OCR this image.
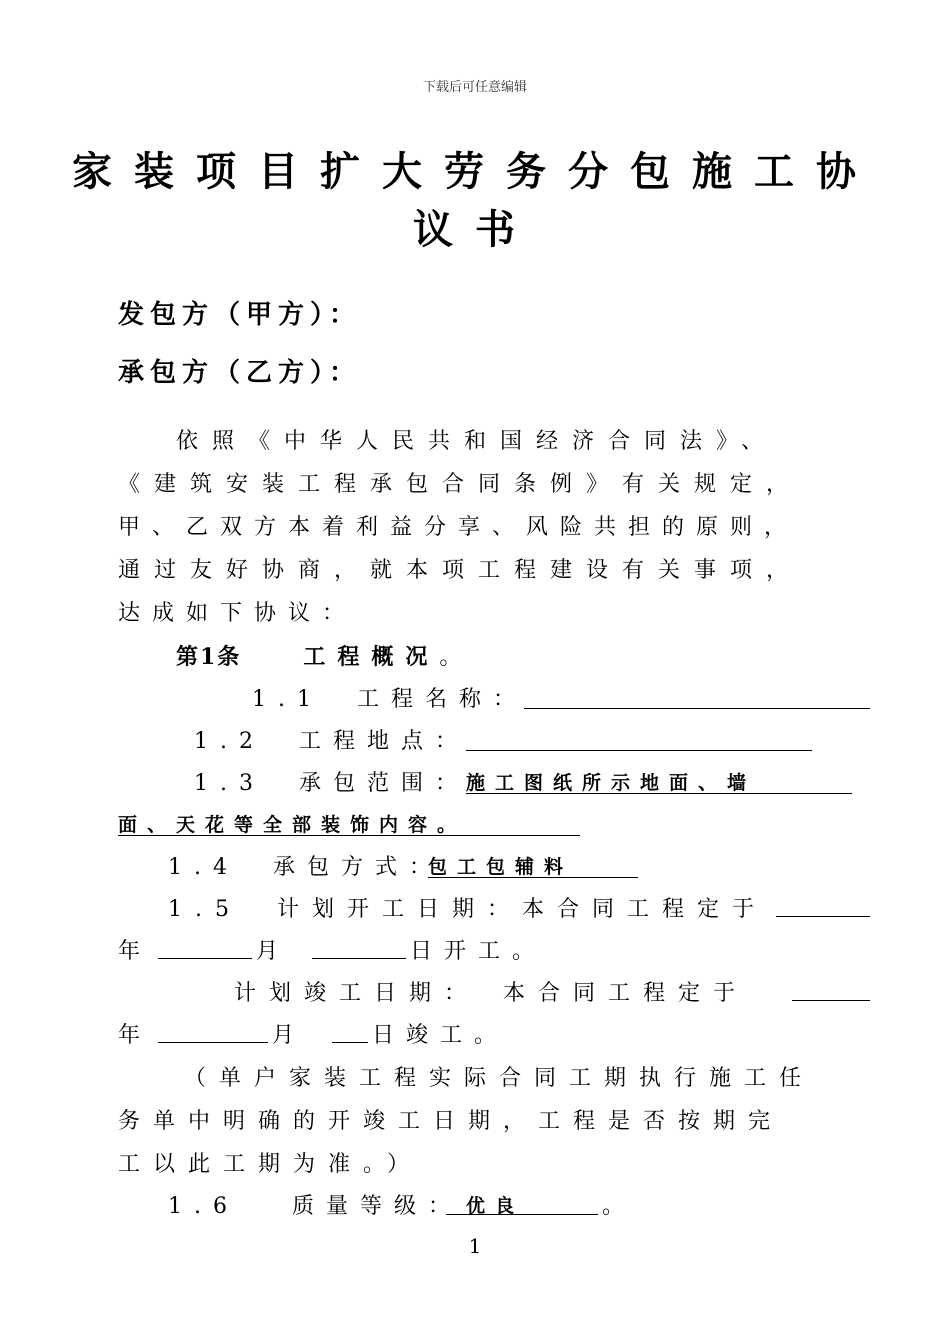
下载后可任意编辑
家装项目扩大劳务分包施工协
议书
发包方（甲方）：
承包方（乙方）：
依照《中华人民共和国经济合同法》、
《建筑安装工程承包合同条例》有关规定，
甲、乙双方本着利益分享、风险共担的原则，
通过友好协商，就本项工程建设有关事项，
达成如下协议：
第1条	工程概况。
1.1　工程名称：
1.2　工程地点：
1.3　承包范围：
施工图纸所示地面、墙
面、天花等全部装饰内容。
1.4　承包方式：
包工包辅料
1.5　计划开工日期：本合同工程定于
年	月	日开工。
计划竣工日期：　本合同工程定于
年	月	日竣工。
（单户家装工程实际合同工期执行施工任
务单中明确的开竣工日期，工程是否按期完
工以此工期为准。）
1.6　 质量等级： 优良	。
1
